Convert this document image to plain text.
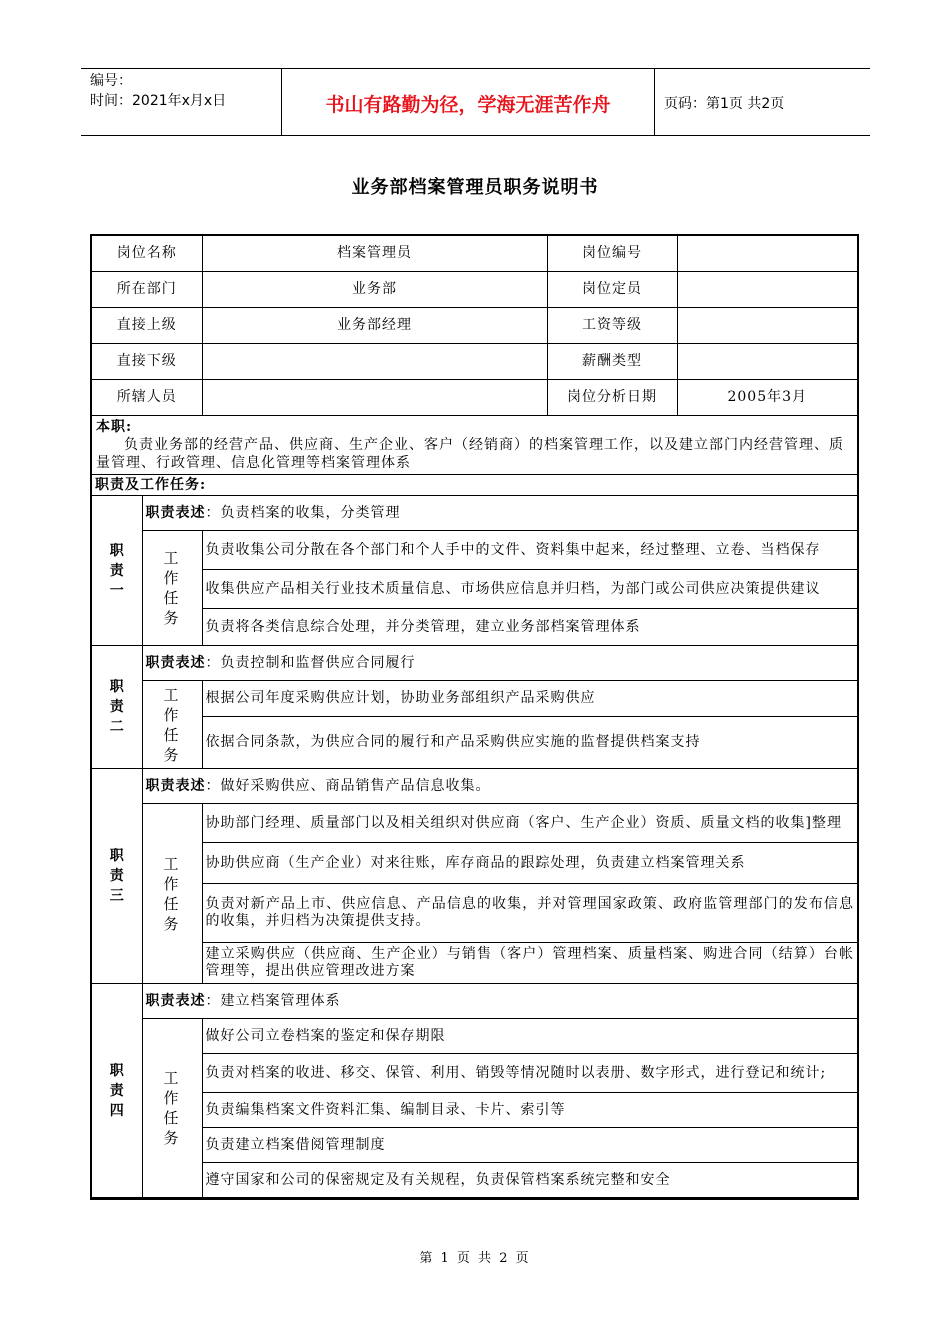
编号：
时间：2021年x月x日	书山有路勤为径，学海无涯苦作舟	页码：第1页 共2页
业务部档案管理员职务说明书
岗位名称	档案管理员	岗位编号	
所在部门	业务部	岗位定员	
直接上级	业务部经理	工资等级	
直接下级		薪酬类型	
所辖人员		岗位分析日期	2005年3月
本职:
负责业务部的经营产品、供应商、生产企业、客户（经销商）的档案管理工作，以及建立部门内经营管理、质量管理、行政管理、信息化管理等档案管理体系		

职责及工作任务:		

职
责
一	职责表述：负责档案的收集，分类管理	

	工作任务	负责收集公司分散在各个部门和个人手中的文件、资料集中起来，经过整理、立卷、当档保存
		收集供应产品相关行业技术质量信息、市场供应信息并归档，为部门或公司供应决策提供建议
		负责将各类信息综合处理，并分类管理，建立业务部档案管理体系

职
责
二	职责表述：负责控制和监督供应合同履行	

	工作任务	根据公司年度采购供应计划，协助业务部组织产品采购供应
		依据合同条款，为供应合同的履行和产品采购供应实施的监督提供档案支持

职
责
三	职责表述：做好采购供应、商品销售产品信息收集。	

	工作任务	协助部门经理、质量部门以及相关组织对供应商（客户、生产企业）资质、质量文档的收集]整理
		协助供应商（生产企业）对来往账，库存商品的跟踪处理，负责建立档案管理关系
		负责对新产品上市、供应信息、产品信息的收集，并对管理国家政策、政府监管理部门的发布信息的收集，并归档为决策提供支持。
		建立采购供应（供应商、生产企业）与销售（客户）管理档案、质量档案、购进合同（结算）台帐管理等，提出供应管理改进方案

职
责
四	职责表述：建立档案管理体系	

	工作任务	做好公司立卷档案的鉴定和保存期限
		负责对档案的收进、移交、保管、利用、销毁等情况随时以表册、数字形式，进行登记和统计;
		负责编集档案文件资料汇集、编制目录、卡片、索引等
		负责建立档案借阅管理制度
		遵守国家和公司的保密规定及有关规程，负责保管档案系统完整和安全
第 1 页 共 2 页
